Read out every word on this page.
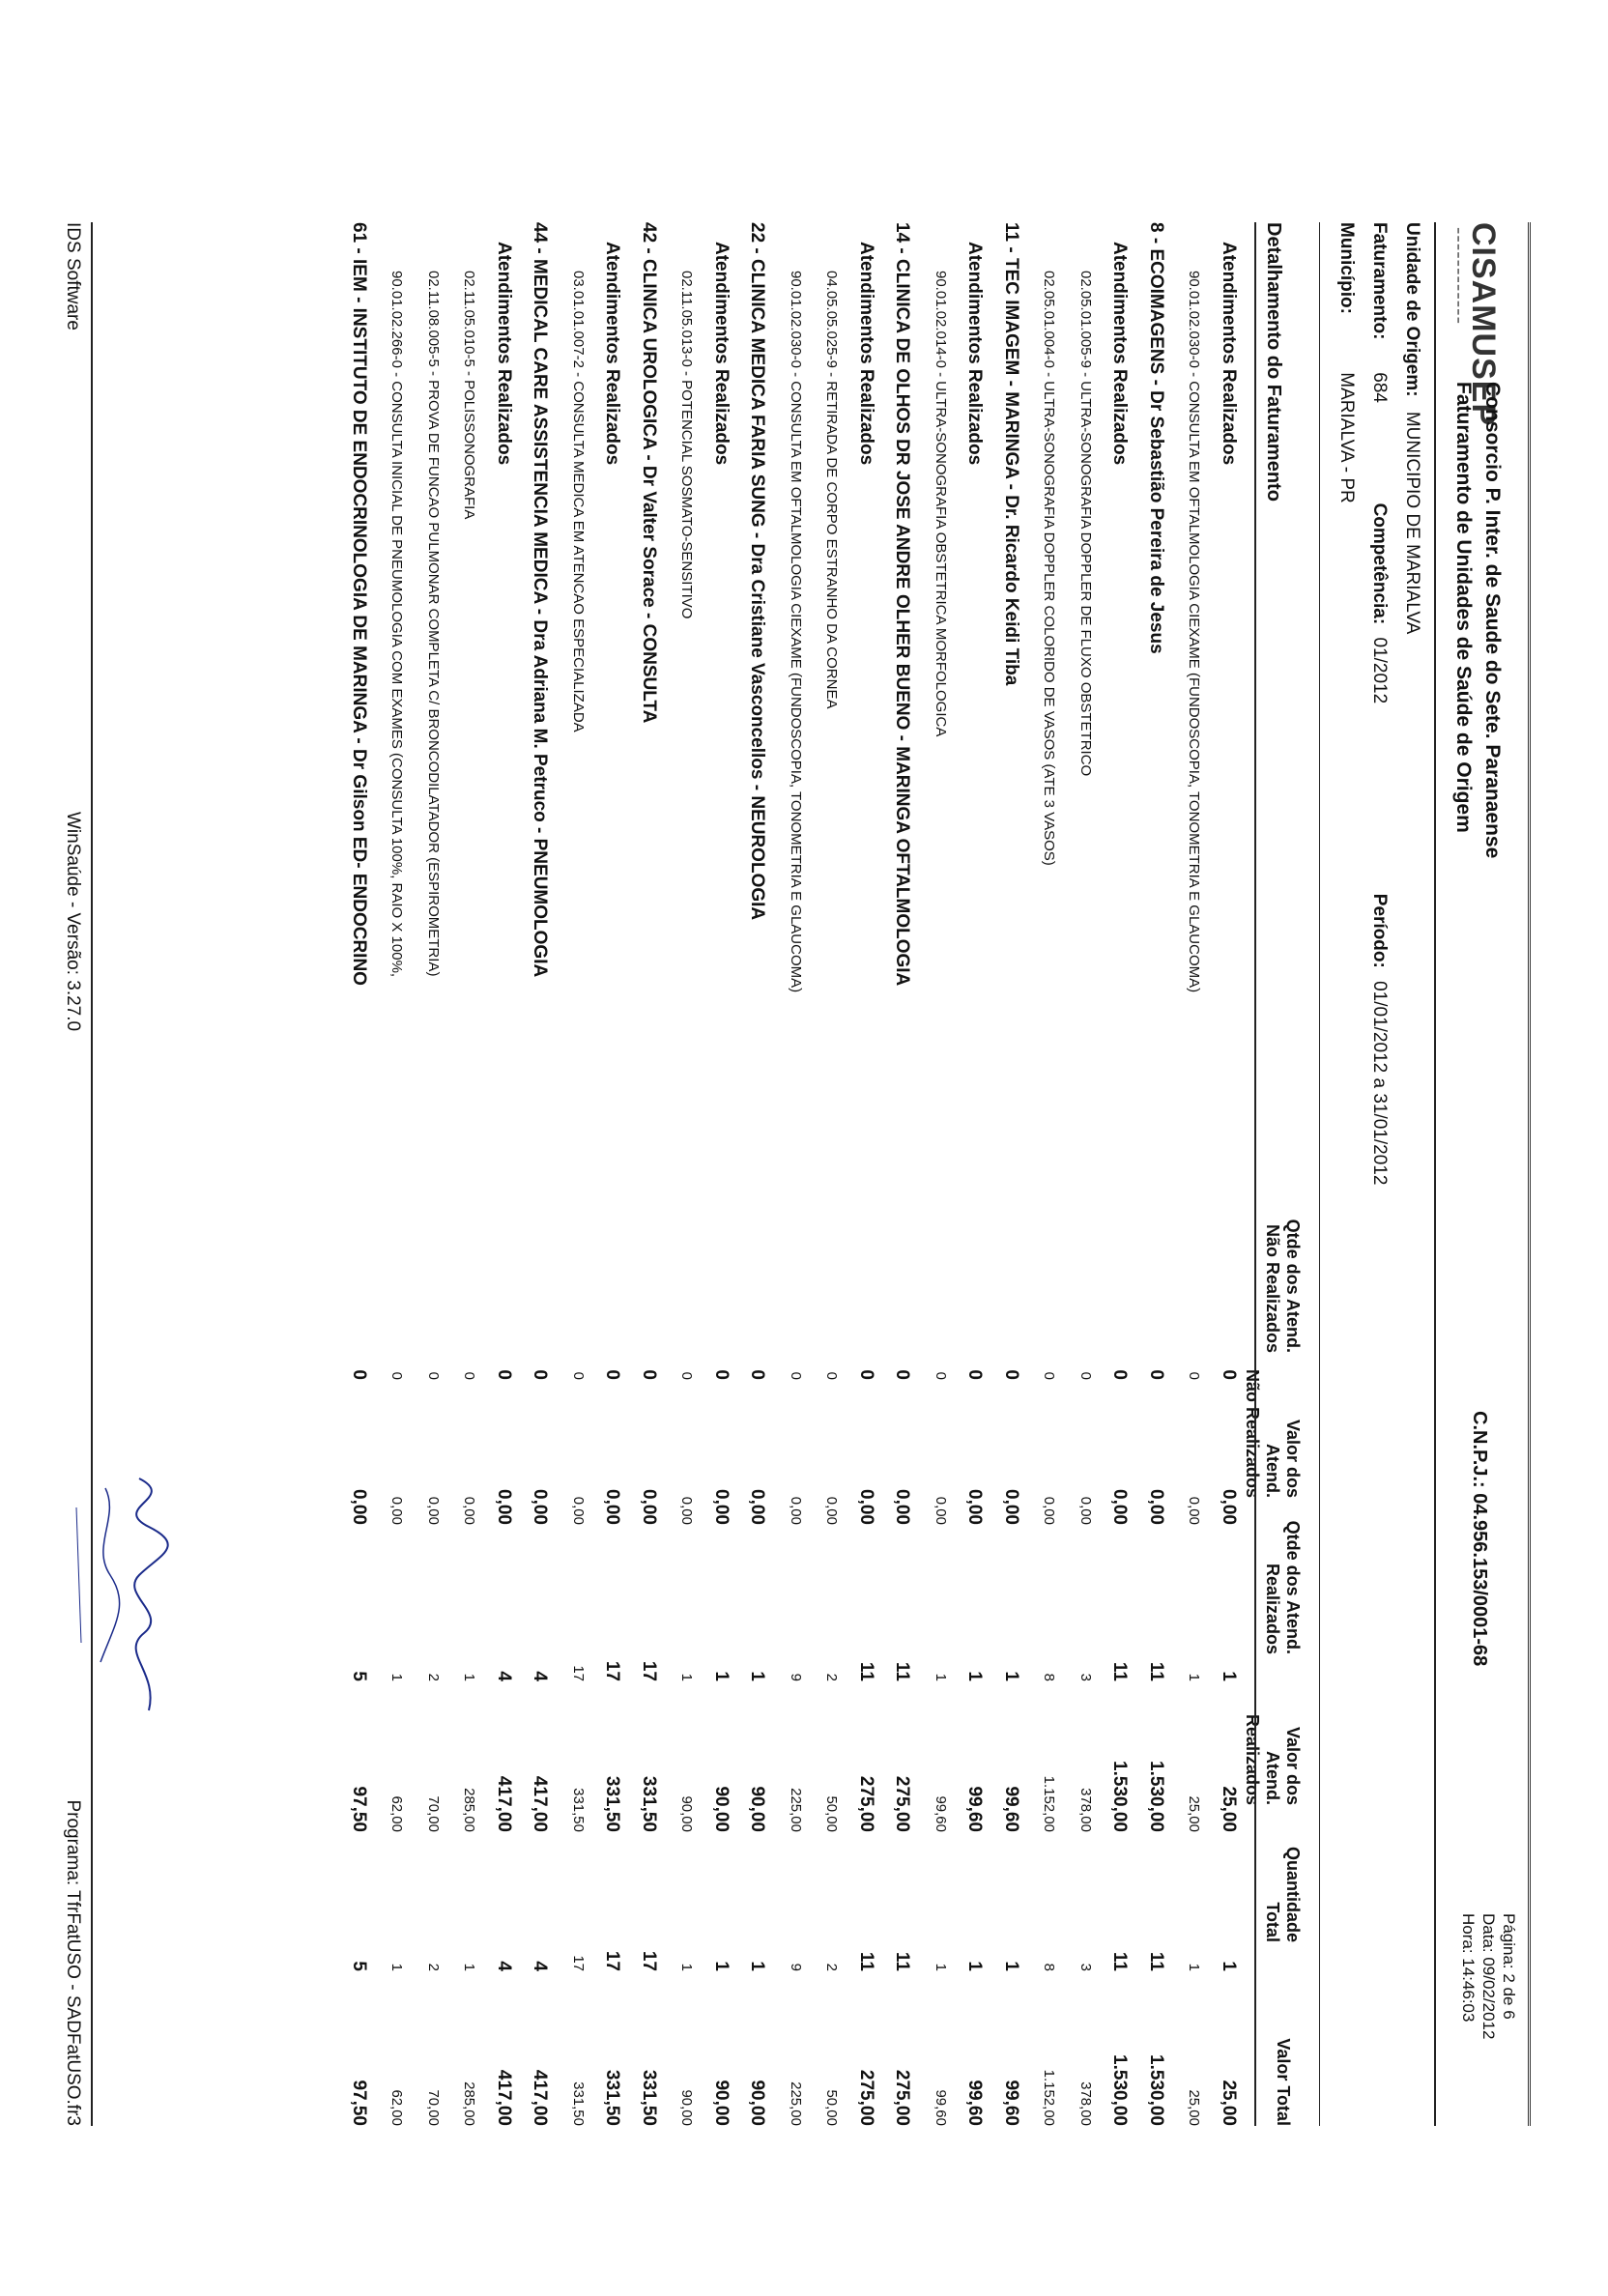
CISAMUSEP
━━━━━━━━━━━━
Consorcio P. Inter. de Saude do Sete. Paranaense
Faturamento de Unidades de Saúde de Origem
C.N.P.J.: 04.956.153/0001-68
Página: 2 de 6
Data: 09/02/2012
Hora: 14:46:03
Unidade de Origem: MUNICIPIO DE MARIALVA
Faturamento: 684 Competência: 01/2012 Período: 01/01/2012 a 31/01/2012
Município: MARIALVA - PR
Detalhamento do Faturamento
Qtde dos Atend.
Não Realizados
Valor dos Atend.
Não Realizados
Qtde dos Atend.
Realizados
Valor dos Atend.
Realizados
Quantidade
Total
Valor Total
Atendimentos Realizados
0
0,00
1
25,00
1
25,00
90.01.02.030-0 - CONSULTA EM OFTALMOLOGIA CIEXAME (FUNDOSCOPIA, TONOMETRIA E GLAUCOMA)
0
0,00
1
25,00
1
25,00
8 - ECOIMAGENS - Dr Sebastião Pereira de Jesus
0
0,00
11
1.530,00
11
1.530,00
Atendimentos Realizados
0
0,00
11
1.530,00
11
1.530,00
02.05.01.005-9 - ULTRA-SONOGRAFIA DOPPLER DE FLUXO OBSTETRICO
0
0,00
3
378,00
3
378,00
02.05.01.004-0 - ULTRA-SONOGRAFIA DOPPLER COLORIDO DE VASOS (ATE 3 VASOS)
0
0,00
8
1.152,00
8
1.152,00
11 - TEC IMAGEM - MARINGA - Dr. Ricardo Keidi Tiba
0
0,00
1
99,60
1
99,60
Atendimentos Realizados
0
0,00
1
99,60
1
99,60
90.01.02.014-0 - ULTRA-SONOGRAFIA OBSTETRICA MORFOLOGICA
0
0,00
1
99,60
1
99,60
14 - CLINICA DE OLHOS DR JOSE ANDRE OLHER BUENO - MARINGA OFTALMOLOGIA
0
0,00
11
275,00
11
275,00
Atendimentos Realizados
0
0,00
11
275,00
11
275,00
04.05.05.025-9 - RETIRADA DE CORPO ESTRANHO DA CORNEA
0
0,00
2
50,00
2
50,00
90.01.02.030-0 - CONSULTA EM OFTALMOLOGIA CIEXAME (FUNDOSCOPIA, TONOMETRIA E GLAUCOMA)
0
0,00
9
225,00
9
225,00
22 - CLINICA MEDICA FARIA SUNG - Dra Cristiane Vasconcellos - NEUROLOGIA
0
0,00
1
90,00
1
90,00
Atendimentos Realizados
0
0,00
1
90,00
1
90,00
02.11.05.013-0 - POTENCIAL SOSMATO-SENSITIVO
0
0,00
1
90,00
1
90,00
42 - CLINICA UROLOGICA - Dr Valter Sorace - CONSULTA
0
0,00
17
331,50
17
331,50
Atendimentos Realizados
0
0,00
17
331,50
17
331,50
03.01.01.007-2 - CONSULTA MEDICA EM ATENCAO ESPECIALIZADA
0
0,00
17
331,50
17
331,50
44 - MEDICAL CARE ASSISTENCIA MEDICA - Dra Adriana M. Petruco - PNEUMOLOGIA
0
0,00
4
417,00
4
417,00
Atendimentos Realizados
0
0,00
4
417,00
4
417,00
02.11.05.010-5 - POLISSONOGRAFIA
0
0,00
1
285,00
1
285,00
02.11.08.005-5 - PROVA DE FUNCAO PULMONAR COMPLETA C/ BRONCODILATADOR (ESPIROMETRIA)
0
0,00
2
70,00
2
70,00
90.01.02.266-0 - CONSULTA INICIAL DE PNEUMOLOGIA COM EXAMES (CONSULTA 100%, RAIO X 100%,
0
0,00
1
62,00
1
62,00
61 - IEM - INSTITUTO DE ENDOCRINOLOGIA DE MARINGA - Dr Gilson ED- ENDOCRINO
0
0,00
5
97,50
5
97,50
IDS Software
WinSaúde - Versão: 3.27.0
Programa: TfrFatUSO - SADFatUSO.fr3
